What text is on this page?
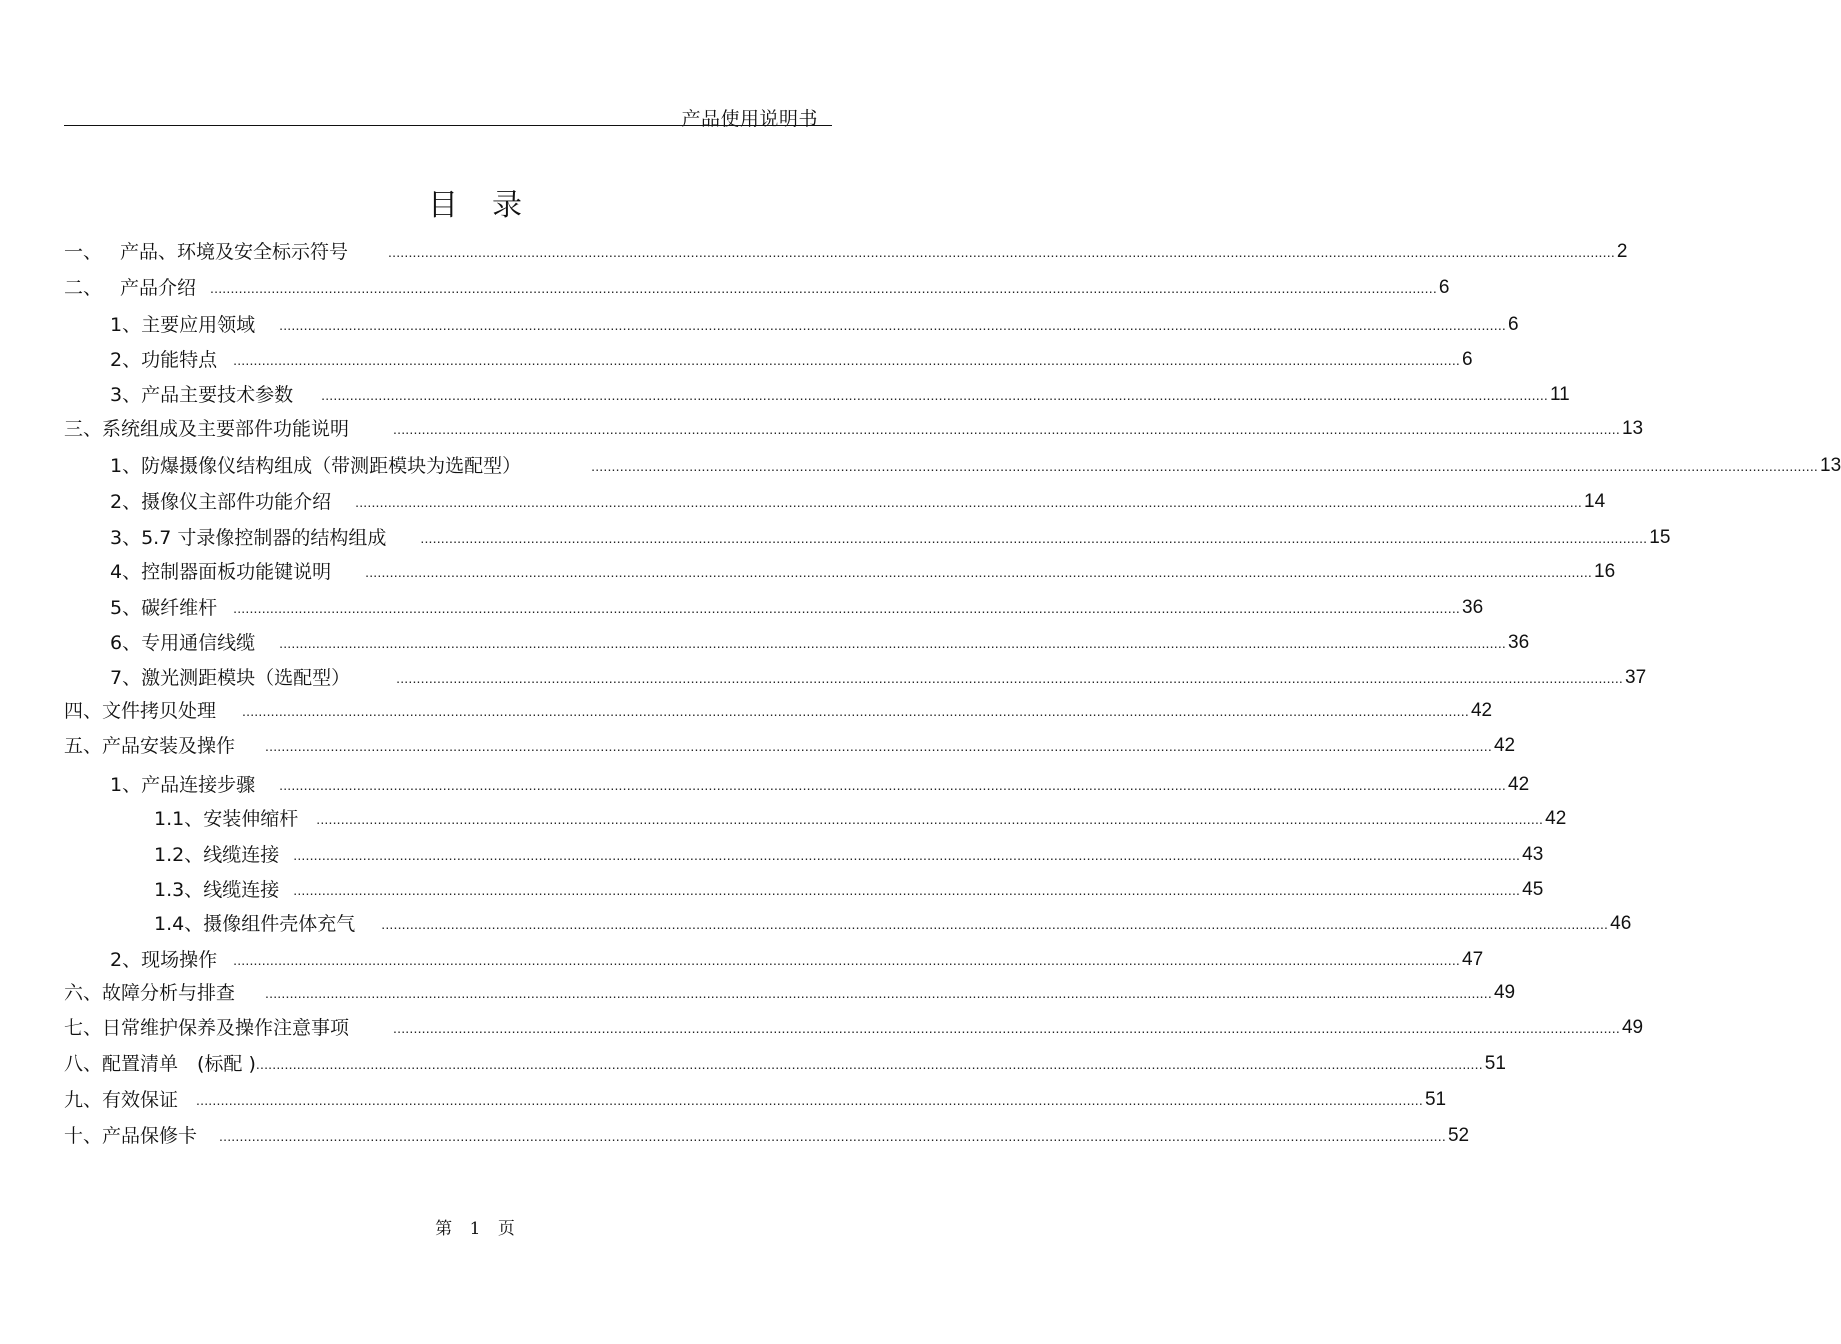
产品使用说明书
目录
一、 产品、环境及安全标示符号	............................................................................................................................................................................................................................................................................................................ 2
二、 产品介绍 ............................................................................................................................................................................................................................................................................................................ 6
1、 主要应用领域 ............................................................................................................................................................................................................................................................................................................ 6
2、 功能特点 ............................................................................................................................................................................................................................................................................................................ 6
3、 产品主要技术参数 ............................................................................................................................................................................................................................................................................................................ 11
三、 系统组成及主要部件功能说明	............................................................................................................................................................................................................................................................................................................ 13
1、 防爆摄像仪结构组成（带测距模块为选配型）	............................................................................................................................................................................................................................................................................................................ 13
2、 摄像仪主部件功能介绍 ............................................................................................................................................................................................................................................................................................................ 14
3、 5.7 寸录像控制器的结构组成 ............................................................................................................................................................................................................................................................................................................ 15
4、 控制器面板功能键说明 ............................................................................................................................................................................................................................................................................................................ 16
5、 碳纤维杆 ............................................................................................................................................................................................................................................................................................................ 36
6、 专用通信线缆 ............................................................................................................................................................................................................................................................................................................ 36
7、 激光测距模块（选配型）	............................................................................................................................................................................................................................................................................................................ 37
四、 文件拷贝处理 ............................................................................................................................................................................................................................................................................................................ 42
五、 产品安装及操作 ............................................................................................................................................................................................................................................................................................................ 42
1、 产品连接步骤 ............................................................................................................................................................................................................................................................................................................ 42
1.1、 安装伸缩杆 ............................................................................................................................................................................................................................................................................................................ 42
1.2、 线缆连接 ............................................................................................................................................................................................................................................................................................................ 43
1.3、 线缆连接 ............................................................................................................................................................................................................................................................................................................ 45
1.4、 摄像组件壳体充气 ............................................................................................................................................................................................................................................................................................................ 46
2、 现场操作 ............................................................................................................................................................................................................................................................................................................ 47
六、 故障分析与排查 ............................................................................................................................................................................................................................................................................................................ 49
七、 日常维护保养及操作注意事项	............................................................................................................................................................................................................................................................................................................ 49
八、 配置清单　(标配 ) ............................................................................................................................................................................................................................................................................................................ 51
九、 有效保证 ............................................................................................................................................................................................................................................................................................................ 51
十、 产品保修卡 ............................................................................................................................................................................................................................................................................................................ 52
第 1 页
